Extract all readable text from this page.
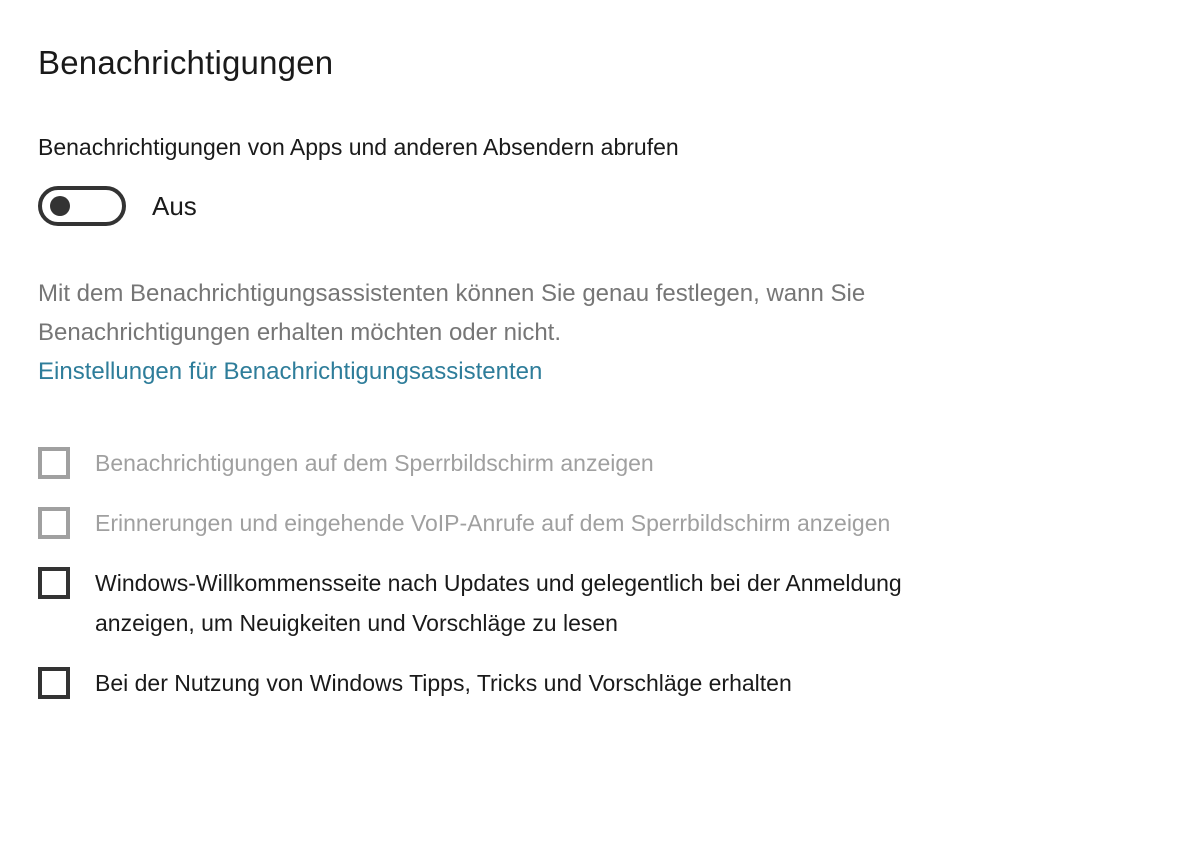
Benachrichtigungen
Benachrichtigungen von Apps und anderen Absendern abrufen
Aus
Mit dem Benachrichtigungsassistenten können Sie genau festlegen, wann Sie Benachrichtigungen erhalten möchten oder nicht.
Einstellungen für Benachrichtigungsassistenten
Benachrichtigungen auf dem Sperrbildschirm anzeigen
Erinnerungen und eingehende VoIP-Anrufe auf dem Sperrbildschirm anzeigen
Windows-Willkommensseite nach Updates und gelegentlich bei der Anmeldung anzeigen, um Neuigkeiten und Vorschläge zu lesen
Bei der Nutzung von Windows Tipps, Tricks und Vorschläge erhalten
